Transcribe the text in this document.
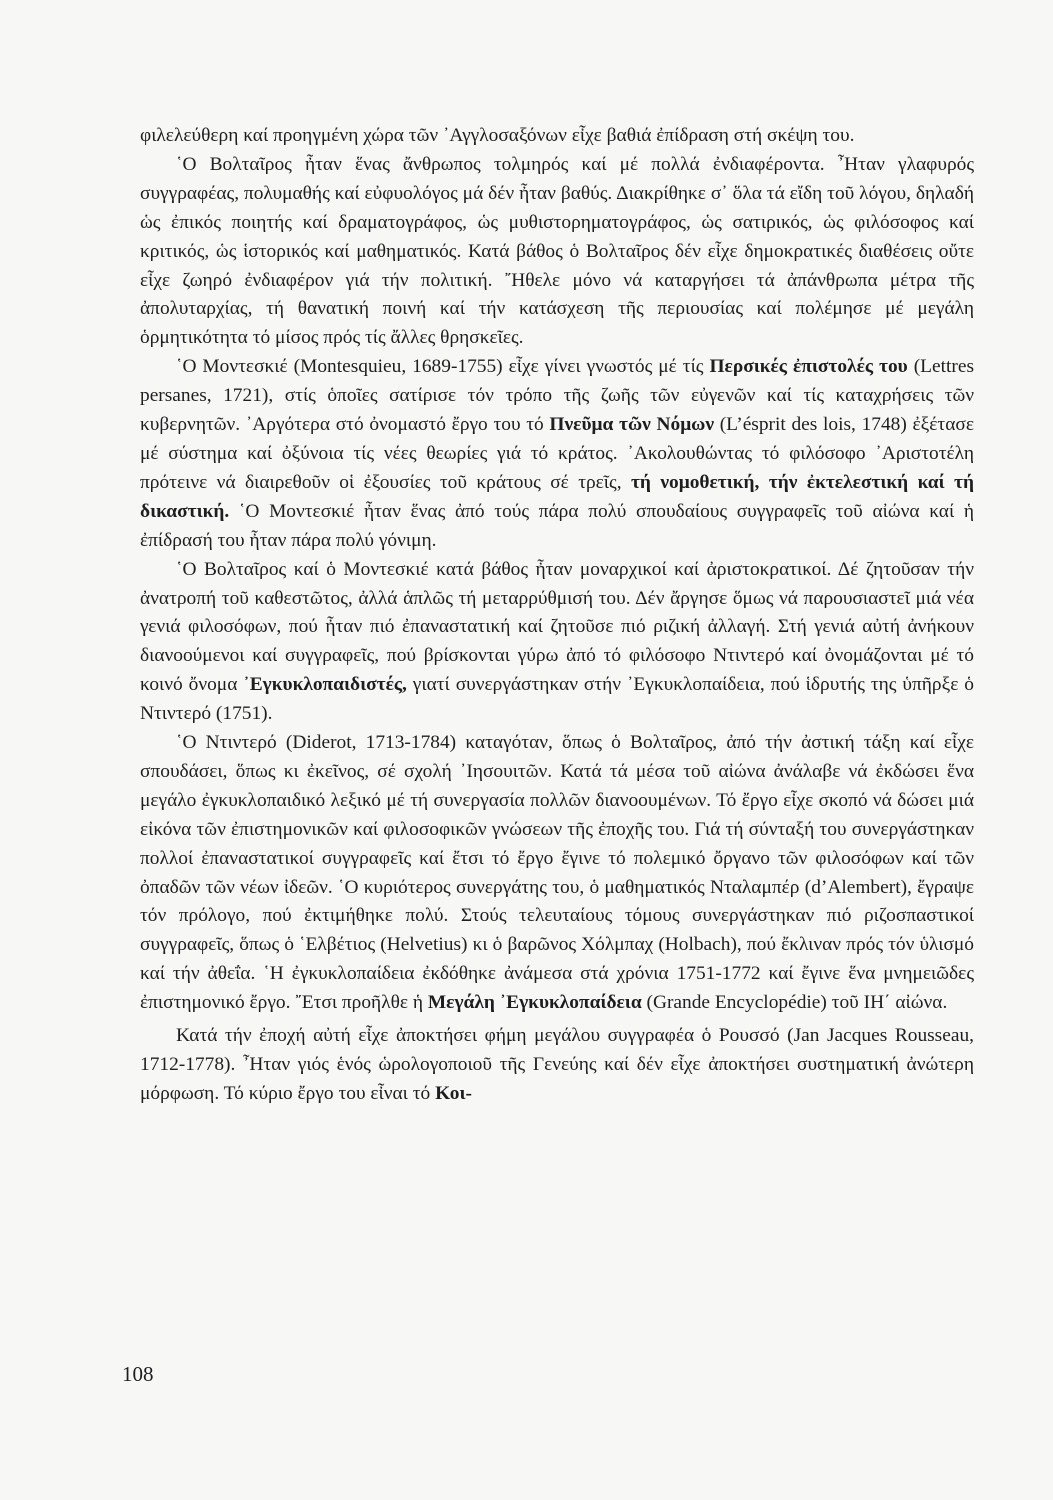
φιλελεύθερη καί προηγμένη χώρα τῶν ᾿Αγγλοσαξόνων εἶχε βαθιά ἐπίδραση στή σκέψη του.

῾Ο Βολταῖρος ἦταν ἕνας ἄνθρωπος τολμηρός καί μέ πολλά ἐνδιαφέροντα. ῏Ηταν γλαφυρός συγγραφέας, πολυμαθής καί εὐφυολόγος μά δέν ἦταν βαθύς. Διακρίθηκε σ᾿ ὅλα τά εἴδη τοῦ λόγου, δηλαδή ὡς ἐπικός ποιητής καί δραματογράφος, ὡς μυθιστορηματογράφος, ὡς σατιρικός, ὡς φιλόσοφος καί κριτικός, ὡς ἱστορικός καί μαθηματικός. Κατά βάθος ὁ Βολταῖρος δέν εἶχε δημοκρατικές διαθέσεις οὔτε εἶχε ζωηρό ἐνδιαφέρον γιά τήν πολιτική. ῎Ηθελε μόνο νά καταργήσει τά ἀπάνθρωπα μέτρα τῆς ἀπολυταρχίας, τή θανατική ποινή καί τήν κατάσχεση τῆς περιουσίας καί πολέμησε μέ μεγάλη ὁρμητικότητα τό μίσος πρός τίς ἄλλες θρησκεῖες.

῾Ο Μοντεσκιέ (Montesquieu, 1689-1755) εἶχε γίνει γνωστός μέ τίς Περσικές ἐπιστολές του (Lettres persanes, 1721), στίς ὁποῖες σατίρισε τόν τρόπο τῆς ζωῆς τῶν εὐγενῶν καί τίς καταχρήσεις τῶν κυβερνητῶν. ᾿Αργότερα στό ὀνομαστό ἔργο του τό Πνεῦμα τῶν Νόμων (L’ésprit des lois, 1748) ἐξέτασε μέ σύστημα καί ὀξύνοια τίς νέες θεωρίες γιά τό κράτος. ᾿Ακολουθώντας τό φιλόσοφο ᾿Αριστοτέλη πρότεινε νά διαιρεθοῦν οἱ ἐξουσίες τοῦ κράτους σέ τρεῖς, τή νομοθετική, τήν ἐκτελεστική καί τή δικαστική. ῾Ο Μοντεσκιέ ἦταν ἕνας ἀπό τούς πάρα πολύ σπουδαίους συγγραφεῖς τοῦ αἰώνα καί ἡ ἐπίδρασή του ἦταν πάρα πολύ γόνιμη.

῾Ο Βολταῖρος καί ὁ Μοντεσκιέ κατά βάθος ἦταν μοναρχικοί καί ἀριστοκρατικοί. Δέ ζητοῦσαν τήν ἀνατροπή τοῦ καθεστῶτος, ἀλλά ἁπλῶς τή μεταρρύθμισή του. Δέν ἄργησε ὅμως νά παρουσιαστεῖ μιά νέα γενιά φιλοσόφων, πού ἦταν πιό ἐπαναστατική καί ζητοῦσε πιό ριζική ἀλλαγή. Στή γενιά αὐτή ἀνήκουν διανοούμενοι καί συγγραφεῖς, πού βρίσκονται γύρω ἀπό τό φιλόσοφο Ντιντερό καί ὀνομάζονται μέ τό κοινό ὄνομα ᾿Εγκυκλοπαιδιστές, γιατί συνεργάστηκαν στήν ᾿Εγκυκλοπαίδεια, πού ἱδρυτής της ὑπῆρξε ὁ Ντιντερό (1751).

῾Ο Ντιντερό (Diderot, 1713-1784) καταγόταν, ὅπως ὁ Βολταῖρος, ἀπό τήν ἀστική τάξη καί εἶχε σπουδάσει, ὅπως κι ἐκεῖνος, σέ σχολή ᾿Ιησουιτῶν. Κατά τά μέσα τοῦ αἰώνα ἀνάλαβε νά ἐκδώσει ἕνα μεγάλο ἐγκυκλοπαιδικό λεξικό μέ τή συνεργασία πολλῶν διανοουμένων. Τό ἔργο εἶχε σκοπό νά δώσει μιά εἰκόνα τῶν ἐπιστημονικῶν καί φιλοσοφικῶν γνώσεων τῆς ἐποχῆς του. Γιά τή σύνταξή του συνεργάστηκαν πολλοί ἐπαναστατικοί συγγραφεῖς καί ἔτσι τό ἔργο ἔγινε τό πολεμικό ὄργανο τῶν φιλοσόφων καί τῶν ὀπαδῶν τῶν νέων ἰδεῶν. ῾Ο κυριότερος συνεργάτης του, ὁ μαθηματικός Νταλαμπέρ (d’Alembert), ἔγραψε τόν πρόλογο, πού ἐκτιμήθηκε πολύ. Στούς τελευταίους τόμους συνεργάστηκαν πιό ριζοσπαστικοί συγγραφεῖς, ὅπως ὁ ῾Ελβέτιος (Helvetius) κι ὁ βαρῶνος Χόλμπαχ (Holbach), πού ἔκλιναν πρός τόν ὑλισμό καί τήν ἀθεΐα. ῾Η ἐγκυκλοπαίδεια ἐκδόθηκε ἀνάμεσα στά χρόνια 1751-1772 καί ἔγινε ἕνα μνημειῶδες ἐπιστημονικό ἔργο. ῎Ετσι προῆλθε ἡ Μεγάλη ᾿Εγκυκλοπαίδεια (Grande Encyclopédie) τοῦ ΙΗ΄ αἰώνα.

Κατά τήν ἐποχή αὐτή εἶχε ἀποκτήσει φήμη μεγάλου συγγραφέα ὁ Ρουσσό (Jan Jacques Rousseau, 1712-1778). ῏Ηταν γιός ἑνός ὡρολογοποιοῦ τῆς Γενεύης καί δέν εἶχε ἀποκτήσει συστηματική ἀνώτερη μόρφωση. Τό κύριο ἔργο του εἶναι τό Κοι-

108
